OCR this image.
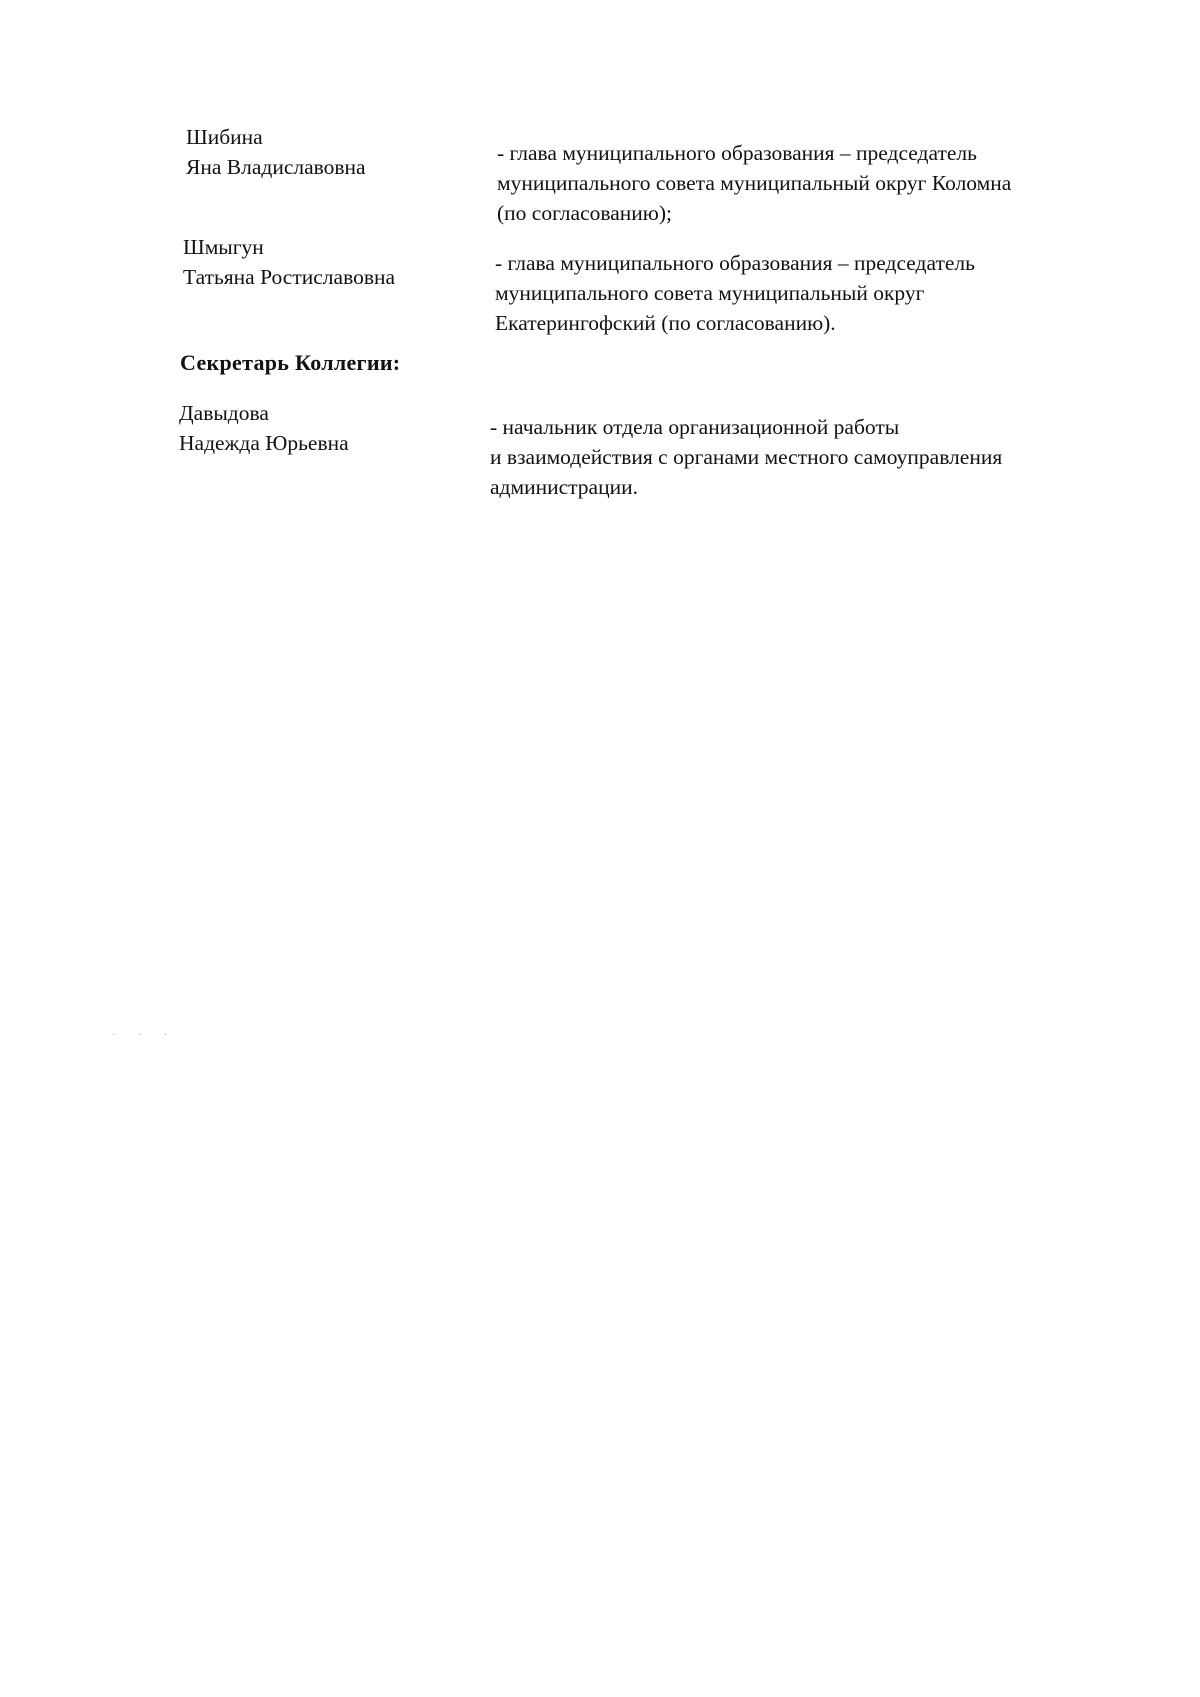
Шибина
Яна Владиславовна
- глава муниципального образования – председатель
муниципального совета муниципальный округ Коломна
(по согласованию);
Шмыгун
Татьяна Ростиславовна
- глава муниципального образования – председатель
муниципального совета муниципальный округ
Екатерингофский (по согласованию).
Секретарь Коллегии:
Давыдова
Надежда Юрьевна
- начальник отдела организационной работы
и взаимодействия с органами местного самоуправления
администрации.
· · ·
